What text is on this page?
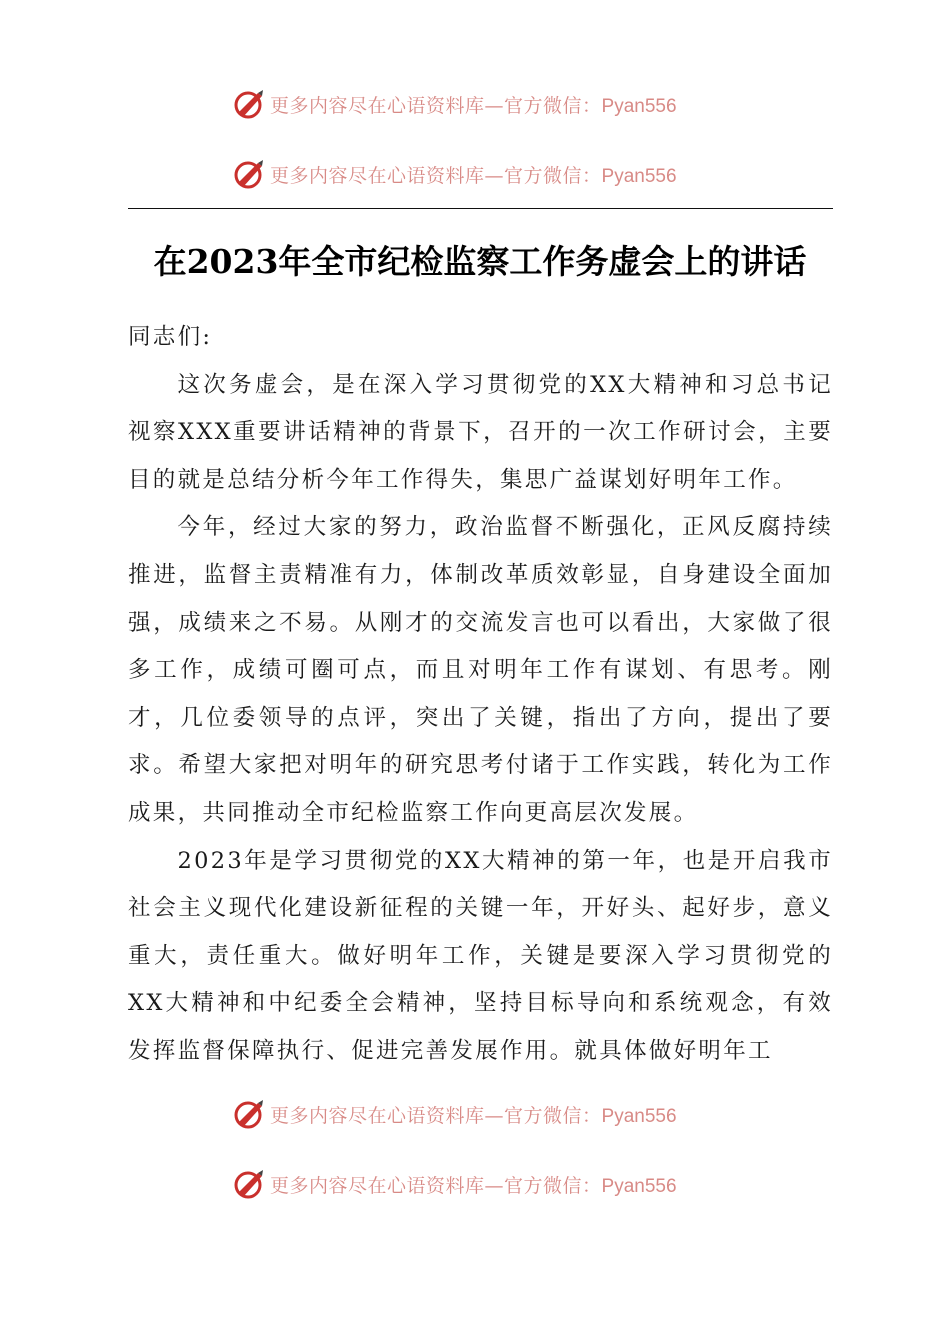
更多内容尽在心语资料库—官方微信：Pyan556
更多内容尽在心语资料库—官方微信：Pyan556
在2023年全市纪检监察工作务虚会上的讲话

同志们:

这次务虚会，是在深入学习贯彻党的XX大精神和习总书记视察XXX重要讲话精神的背景下，召开的一次工作研讨会，主要目的就是总结分析今年工作得失，集思广益谋划好明年工作。

今年，经过大家的努力，政治监督不断强化，正风反腐持续推进，监督主责精准有力，体制改革质效彰显，自身建设全面加强，成绩来之不易。从刚才的交流发言也可以看出，大家做了很多工作，成绩可圈可点，而且对明年工作有谋划、有思考。刚才，几位委领导的点评，突出了关键，指出了方向，提出了要求。希望大家把对明年的研究思考付诸于工作实践，转化为工作成果，共同推动全市纪检监察工作向更高层次发展。

2023年是学习贯彻党的XX大精神的第一年，也是开启我市社会主义现代化建设新征程的关键一年，开好头、起好步，意义重大，责任重大。做好明年工作，关键是要深入学习贯彻党的XX大精神和中纪委全会精神，坚持目标导向和系统观念，有效发挥监督保障执行、促进完善发展作用。就具体做好明年工

更多内容尽在心语资料库—官方微信：Pyan556
更多内容尽在心语资料库—官方微信：Pyan556
